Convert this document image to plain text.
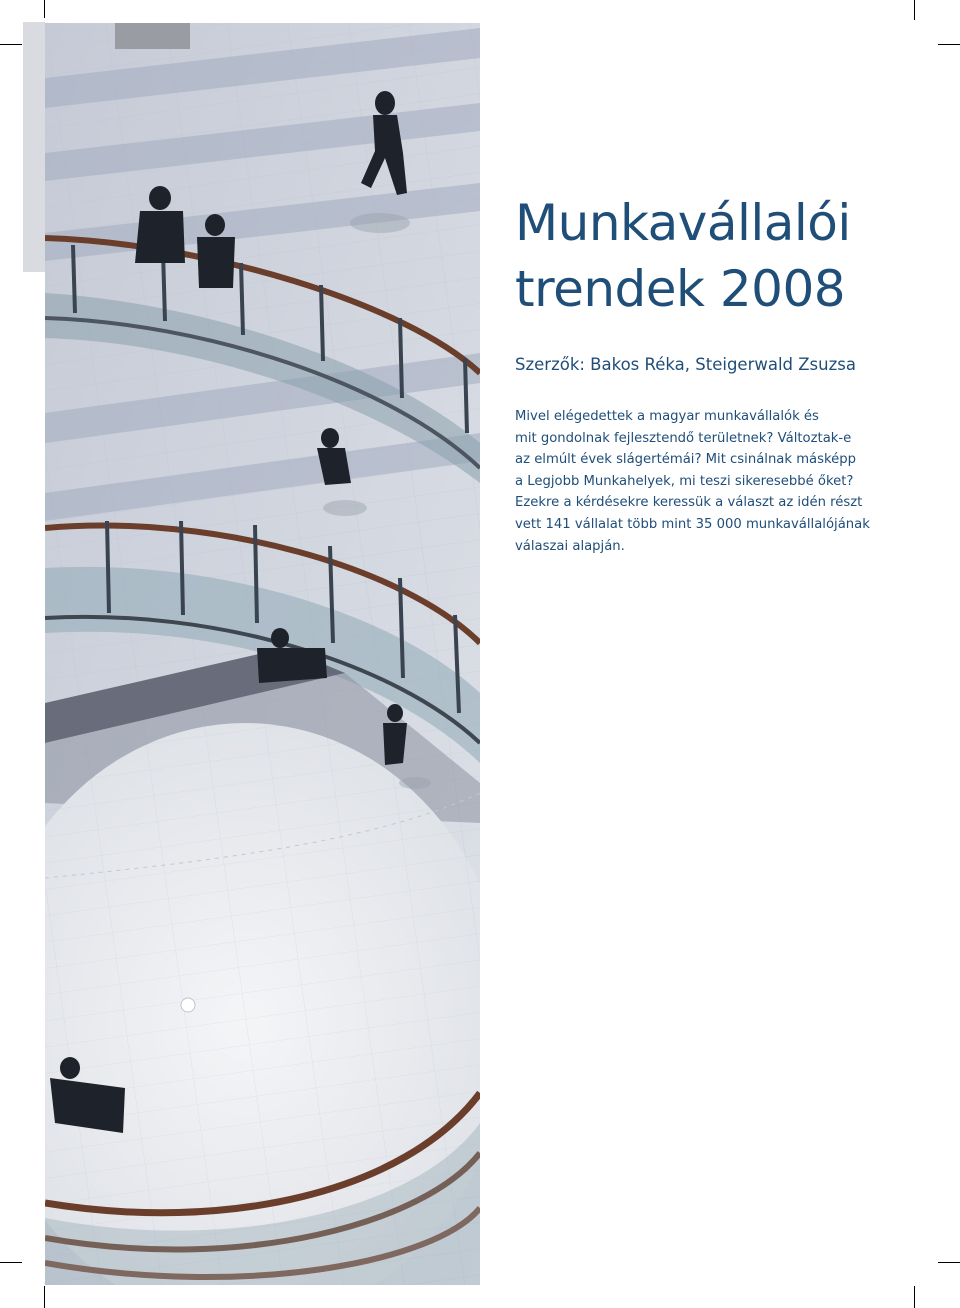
Munkavállalói
trendek 2008
Szerzők: Bakos Réka, Steigerwald Zsuzsa
Mivel elégedettek a magyar munkavállalók és
mit gondolnak fejlesztendő területnek? Változtak-e
az elmúlt évek slágertémái? Mit csinálnak másképp
a Legjobb Munkahelyek, mi teszi sikeresebbé őket?
Ezekre a kérdésekre keressük a választ az idén részt
vett 141 vállalat több mint 35 000 munkavállalójának
válaszai alapján.
